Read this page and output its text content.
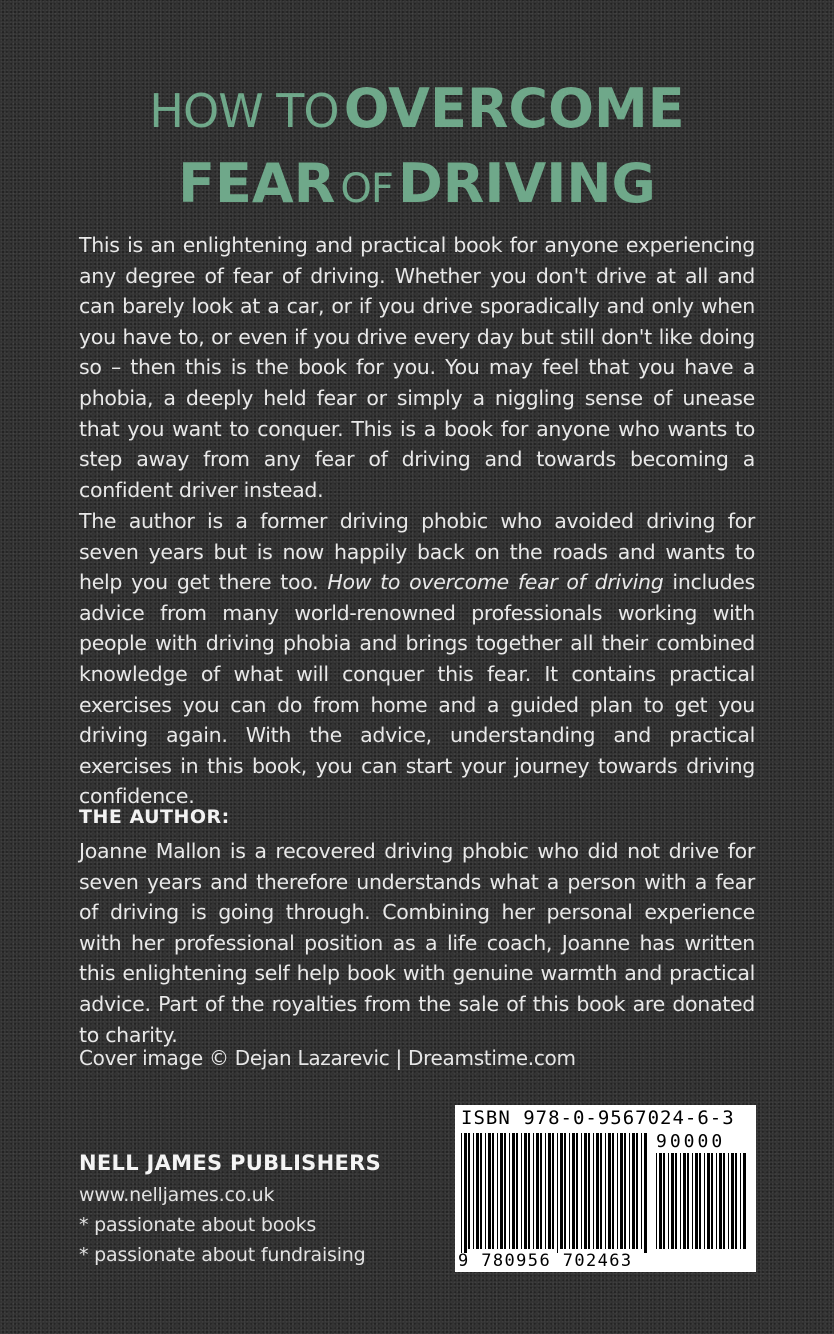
HOW TO OVERCOME
FEAR OF DRIVING

This is an enlightening and practical book for anyone experiencing any degree of fear of driving. Whether you don't drive at all and can barely look at a car, or if you drive sporadically and only when you have to, or even if you drive every day but still don't like doing so – then this is the book for you. You may feel that you have a phobia, a deeply held fear or simply a niggling sense of unease that you want to conquer. This is a book for anyone who wants to step away from any fear of driving and towards becoming a confident driver instead.

The author is a former driving phobic who avoided driving for seven years but is now happily back on the roads and wants to help you get there too. How to overcome fear of driving includes advice from many world-renowned professionals working with people with driving phobia and brings together all their combined knowledge of what will conquer this fear. It contains practical exercises you can do from home and a guided plan to get you driving again. With the advice, understanding and practical exercises in this book, you can start your journey towards driving confidence.

THE AUTHOR:

Joanne Mallon is a recovered driving phobic who did not drive for seven years and therefore understands what a person with a fear of driving is going through. Combining her personal experience with her professional position as a life coach, Joanne has written this enlightening self help book with genuine warmth and practical advice. Part of the royalties from the sale of this book are donated to charity.

Cover image © Dejan Lazarevic | Dreamstime.com
NELL JAMES PUBLISHERS
www.nelljames.co.uk
* passionate about books
* passionate about fundraising
ISBN 978-0-9567024-6-3
90000
9 780956 702463
